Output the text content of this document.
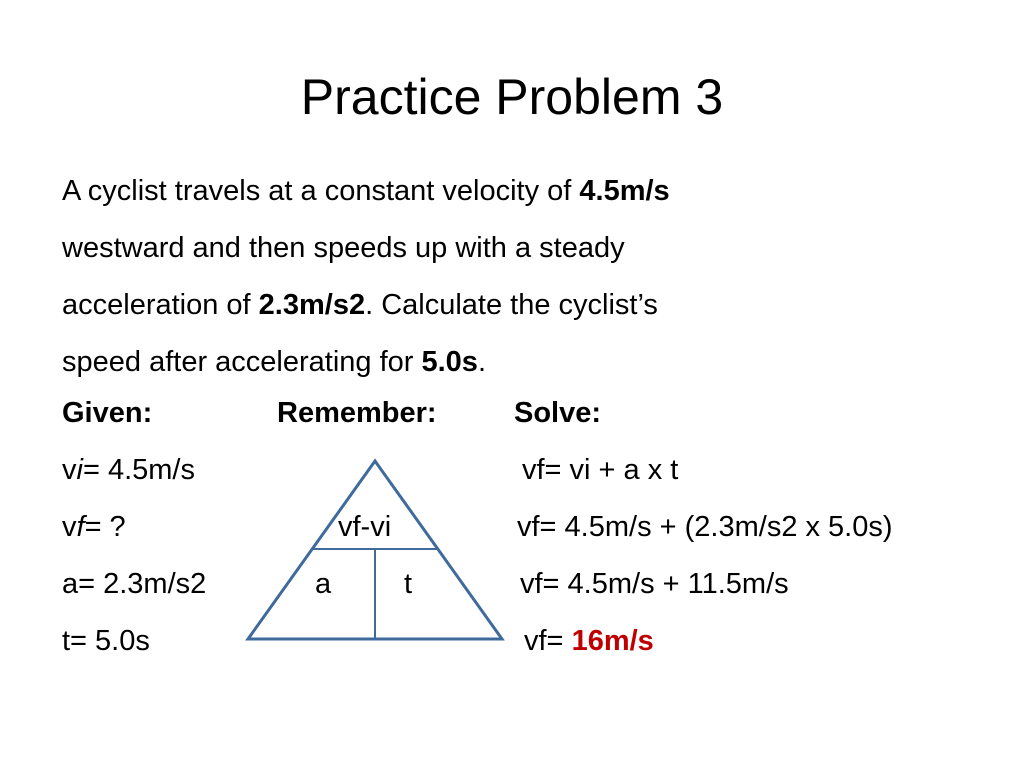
Practice Problem 3
A cyclist travels at a constant velocity of 4.5m/s
westward and then speeds up with a steady
acceleration of 2.3m/s2. Calculate the cyclist’s
speed after accelerating for 5.0s.
Given:	Remember:	Solve:
vi= 4.5m/s
vf= ?
a= 2.3m/s2
t= 5.0s
vf-vi
a	t
vf= vi + a x t
vf= 4.5m/s + (2.3m/s2 x 5.0s)
vf= 4.5m/s + 11.5m/s
vf= 16m/s
